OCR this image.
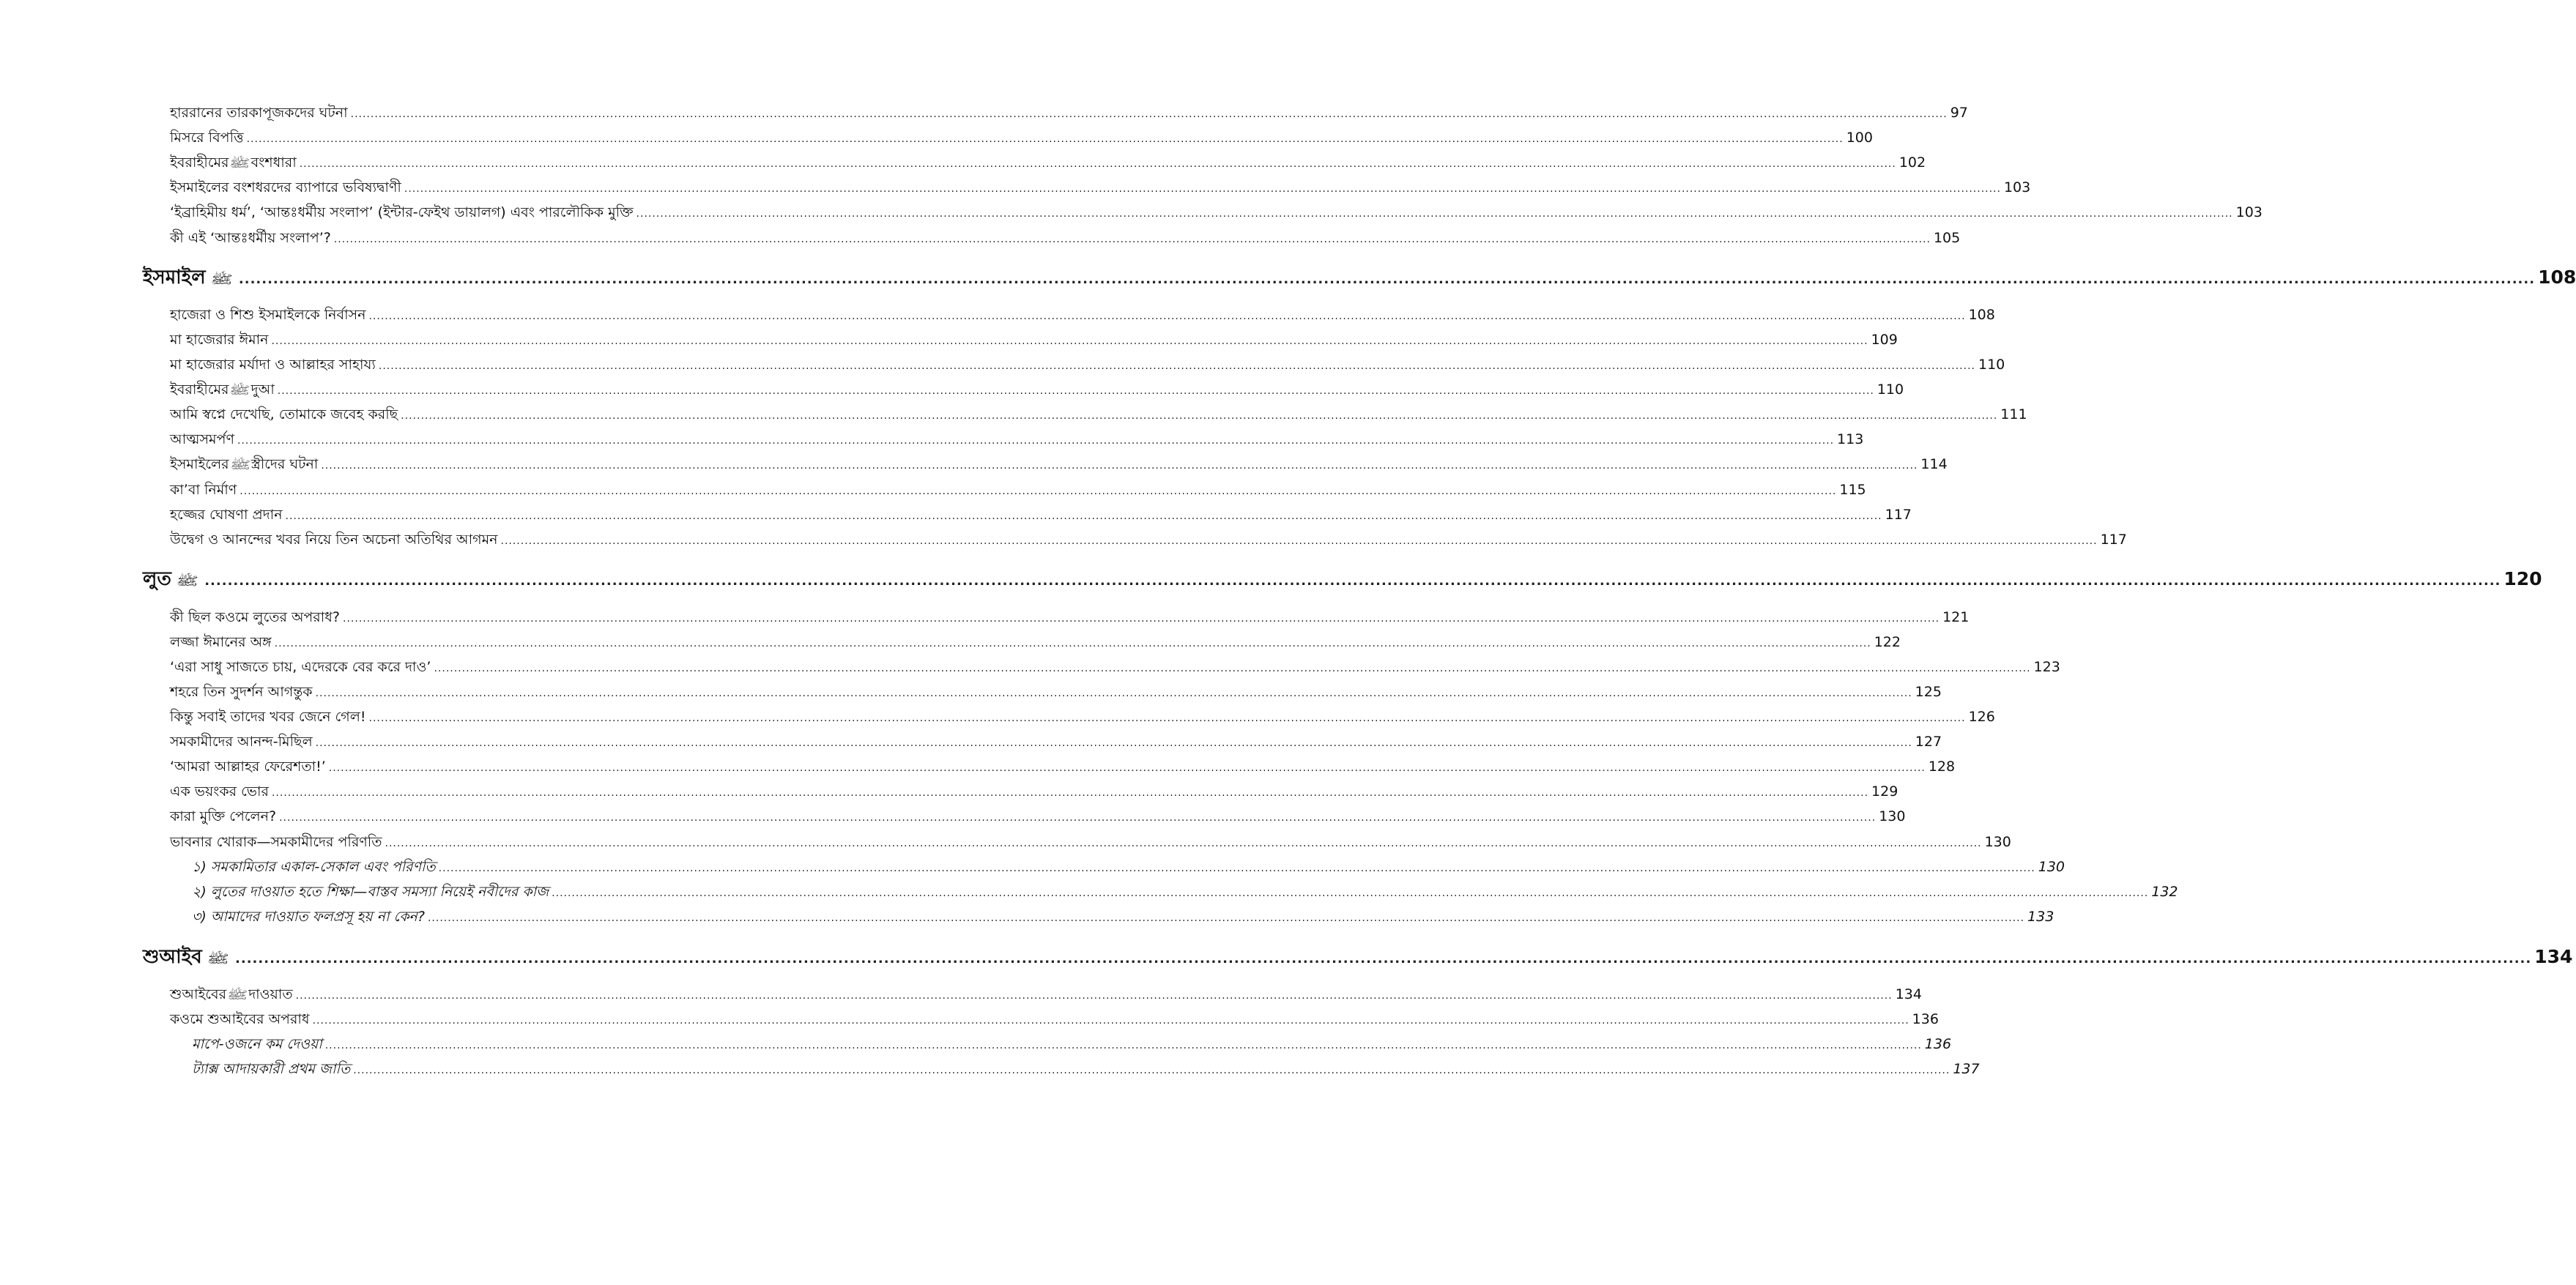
হাররানের তারকাপূজকদের ঘটনা ................................................................................................................................................................................................................................................................................................................................................................................................................ 97
মিসরে বিপত্তি ................................................................................................................................................................................................................................................................................................................................................................................................................ 100
ইবরাহীমেরﷺবংশধারা ................................................................................................................................................................................................................................................................................................................................................................................................................ 102
ইসমাইলের বংশধরদের ব্যাপারে ভবিষ্যদ্বাণী ................................................................................................................................................................................................................................................................................................................................................................................................................ 103
‘ইব্রাহিমীয় ধর্ম’, ‘আন্তঃধর্মীয় সংলাপ’ (ইন্টার-ফেইথ ডায়ালগ) এবং পারলৌকিক মুক্তি ................................................................................................................................................................................................................................................................................................................................................................................................................ 103
কী এই ‘আন্তঃধর্মীয় সংলাপ’? ................................................................................................................................................................................................................................................................................................................................................................................................................ 105
ইসমাইল ﷺ ................................................................................................................................................................................................................................................................................................................................................................................................................ 108
হাজেরা ও শিশু ইসমাইলকে নির্বাসন ................................................................................................................................................................................................................................................................................................................................................................................................................ 108
মা হাজেরার ঈমান ................................................................................................................................................................................................................................................................................................................................................................................................................ 109
মা হাজেরার মর্যাদা ও আল্লাহর সাহায্য ................................................................................................................................................................................................................................................................................................................................................................................................................ 110
ইবরাহীমেরﷺদুআ ................................................................................................................................................................................................................................................................................................................................................................................................................ 110
আমি স্বপ্নে দেখেছি, তোমাকে জবেহ করছি ................................................................................................................................................................................................................................................................................................................................................................................................................ 111
আত্মসমর্পণ ................................................................................................................................................................................................................................................................................................................................................................................................................ 113
ইসমাইলেরﷺস্ত্রীদের ঘটনা ................................................................................................................................................................................................................................................................................................................................................................................................................ 114
কা’বা নির্মাণ ................................................................................................................................................................................................................................................................................................................................................................................................................ 115
হজ্জের ঘোষণা প্রদান ................................................................................................................................................................................................................................................................................................................................................................................................................ 117
উদ্বেগ ও আনন্দের খবর নিয়ে তিন অচেনা অতিথির আগমন ................................................................................................................................................................................................................................................................................................................................................................................................................ 117
লুত ﷺ ................................................................................................................................................................................................................................................................................................................................................................................................................ 120
কী ছিল কওমে লুতের অপরাধ? ................................................................................................................................................................................................................................................................................................................................................................................................................ 121
লজ্জা ঈমানের অঙ্গ ................................................................................................................................................................................................................................................................................................................................................................................................................ 122
‘এরা সাধু সাজতে চায়, এদেরকে বের করে দাও’ ................................................................................................................................................................................................................................................................................................................................................................................................................ 123
শহরে তিন সুদর্শন আগন্তুক ................................................................................................................................................................................................................................................................................................................................................................................................................ 125
কিন্তু সবাই তাদের খবর জেনে গেল! ................................................................................................................................................................................................................................................................................................................................................................................................................ 126
সমকামীদের আনন্দ-মিছিল ................................................................................................................................................................................................................................................................................................................................................................................................................ 127
‘আমরা আল্লাহর ফেরেশতা!’ ................................................................................................................................................................................................................................................................................................................................................................................................................ 128
এক ভয়ংকর ভোর ................................................................................................................................................................................................................................................................................................................................................................................................................ 129
কারা মুক্তি পেলেন? ................................................................................................................................................................................................................................................................................................................................................................................................................ 130
ভাবনার খোরাক—সমকামীদের পরিণতি ................................................................................................................................................................................................................................................................................................................................................................................................................ 130
১) সমকামিতার একাল-সেকাল এবং পরিণতি ................................................................................................................................................................................................................................................................................................................................................................................................................ 130
২) লুতের দাওয়াত হতে শিক্ষা—বাস্তব সমস্যা নিয়েই নবীদের কাজ ................................................................................................................................................................................................................................................................................................................................................................................................................ 132
৩) আমাদের দাওয়াত ফলপ্রসূ হয় না কেন? ................................................................................................................................................................................................................................................................................................................................................................................................................ 133
শুআইব ﷺ ................................................................................................................................................................................................................................................................................................................................................................................................................ 134
শুআইবেরﷺদাওয়াত ................................................................................................................................................................................................................................................................................................................................................................................................................ 134
কওমে শুআইবের অপরাধ ................................................................................................................................................................................................................................................................................................................................................................................................................ 136
মাপে-ওজনে কম দেওয়া ................................................................................................................................................................................................................................................................................................................................................................................................................ 136
ট্যাক্স আদায়কারী প্রথম জাতি ................................................................................................................................................................................................................................................................................................................................................................................................................ 137
